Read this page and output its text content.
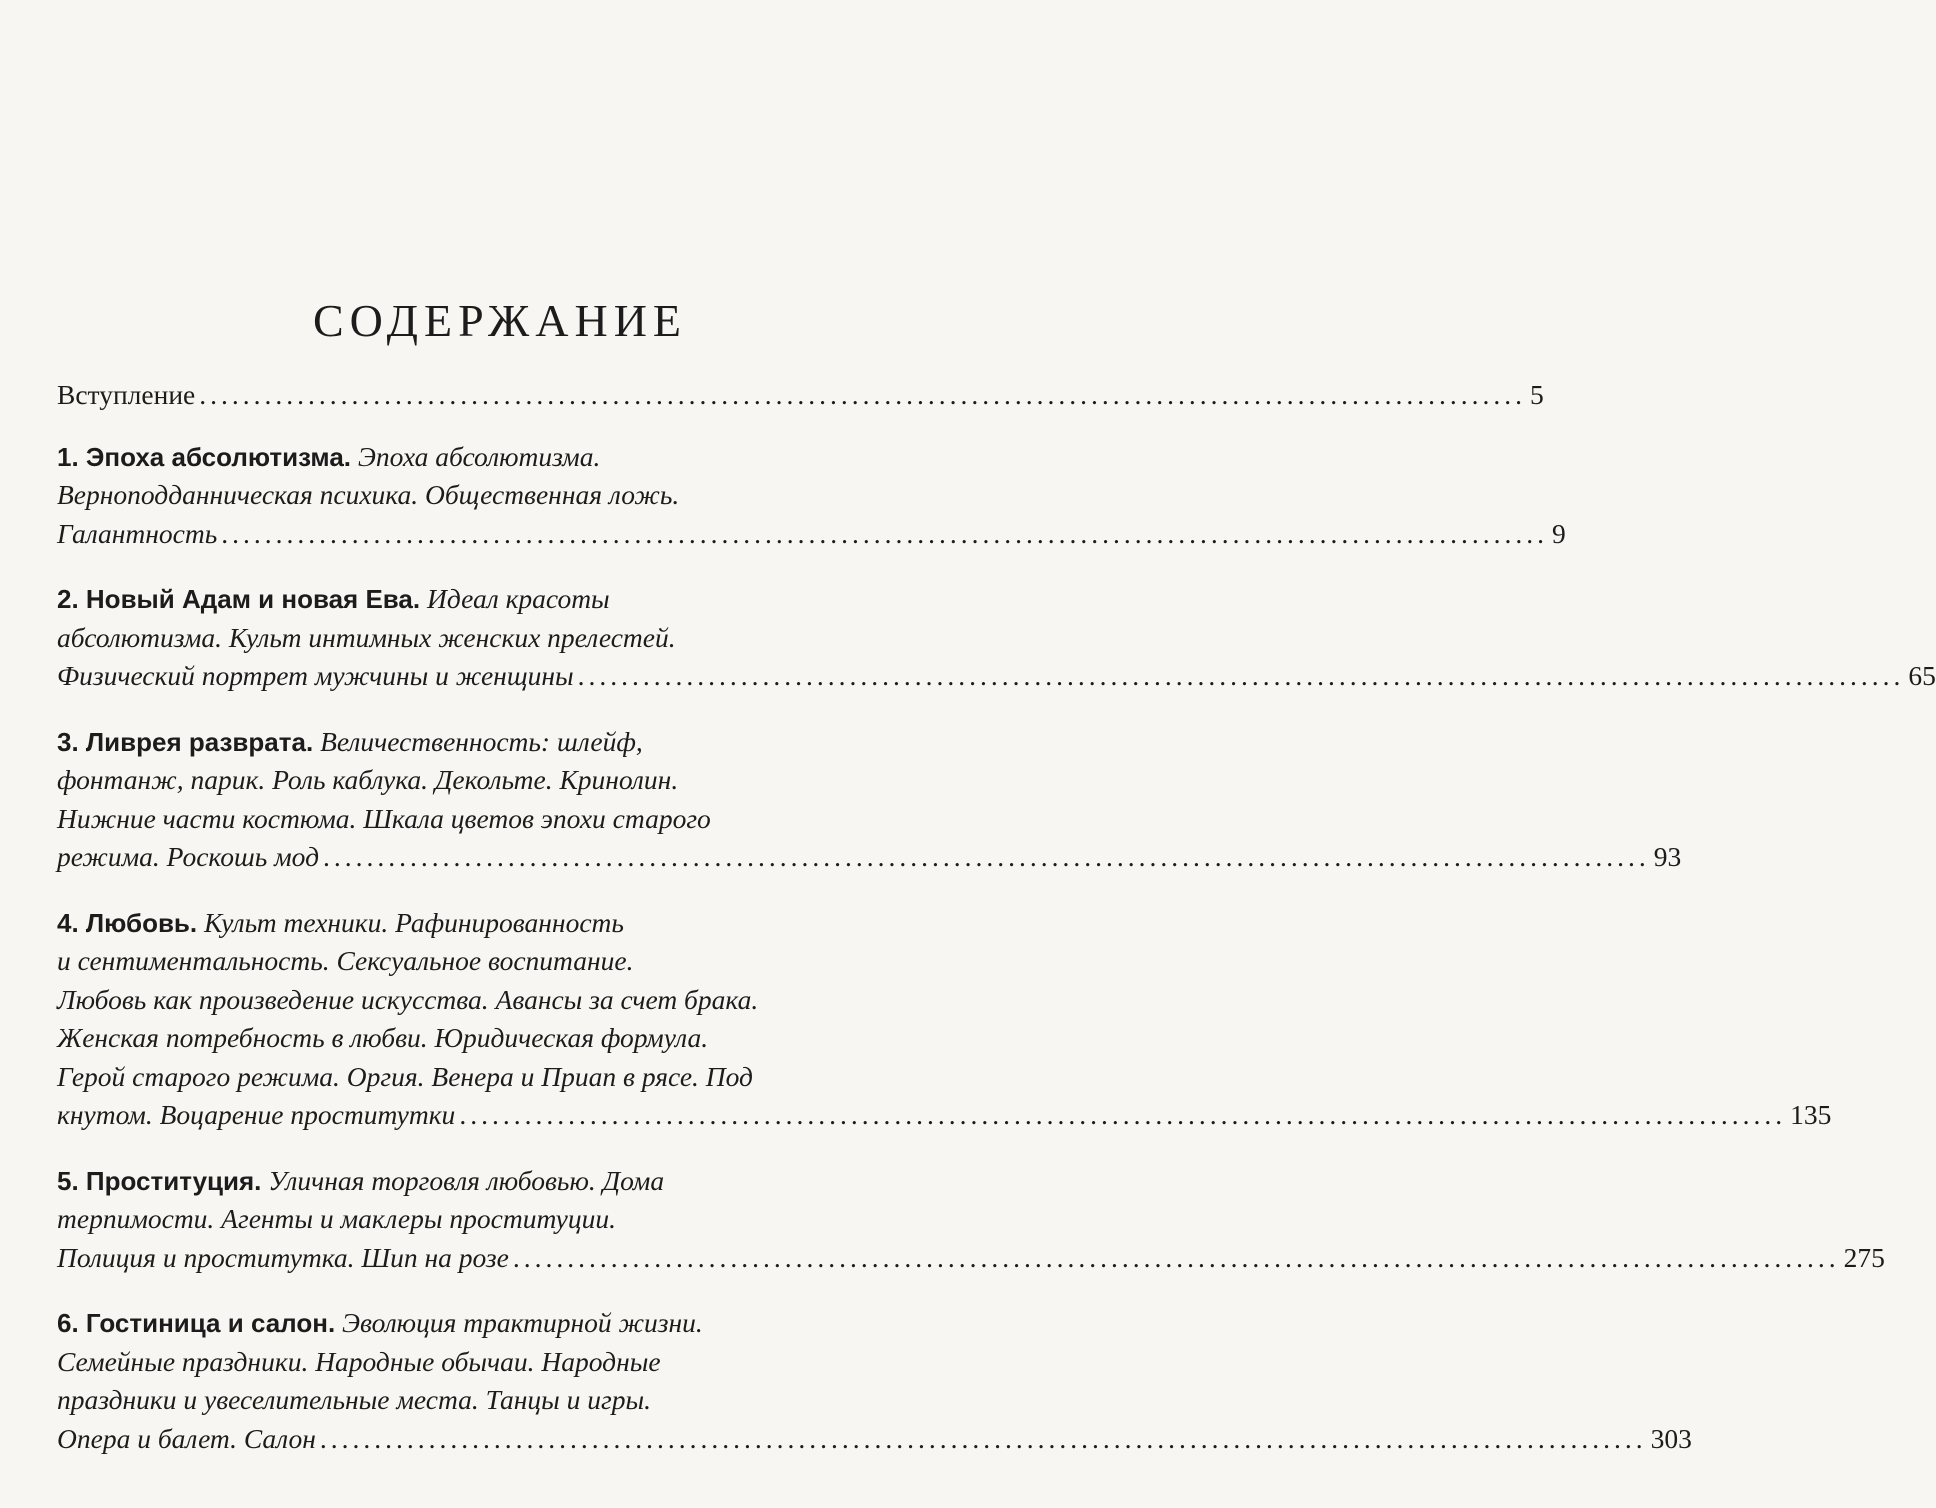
СОДЕРЖАНИЕ
Вступление .......................................................................................................................... 5
1. Эпоха абсолютизма. Эпоха абсолютизма.
Верноподданническая психика. Общественная ложь.
Галантность .......................................................................................................................... 9
2. Новый Адам и новая Ева. Идеал красоты
абсолютизма. Культ интимных женских прелестей.
Физический портрет мужчины и женщины .......................................................................................................................... 65
3. Ливрея разврата. Величественность: шлейф,
фонтанж, парик. Роль каблука. Декольте. Кринолин.
Нижние части костюма. Шкала цветов эпохи старого
режима. Роскошь мод .......................................................................................................................... 93
4. Любовь. Культ техники. Рафинированность
и сентиментальность. Сексуальное воспитание.
Любовь как произведение искусства. Авансы за счет брака.
Женская потребность в любви. Юридическая формула.
Герой старого режима. Оргия. Венера и Приап в рясе. Под
кнутом. Воцарение проститутки .......................................................................................................................... 135
5. Проституция. Уличная торговля любовью. Дома
терпимости. Агенты и маклеры проституции.
Полиция и проститутка. Шип на розе .......................................................................................................................... 275
6. Гостиница и салон. Эволюция трактирной жизни.
Семейные праздники. Народные обычаи. Народные
праздники и увеселительные места. Танцы и игры.
Опера и балет. Салон .......................................................................................................................... 303
